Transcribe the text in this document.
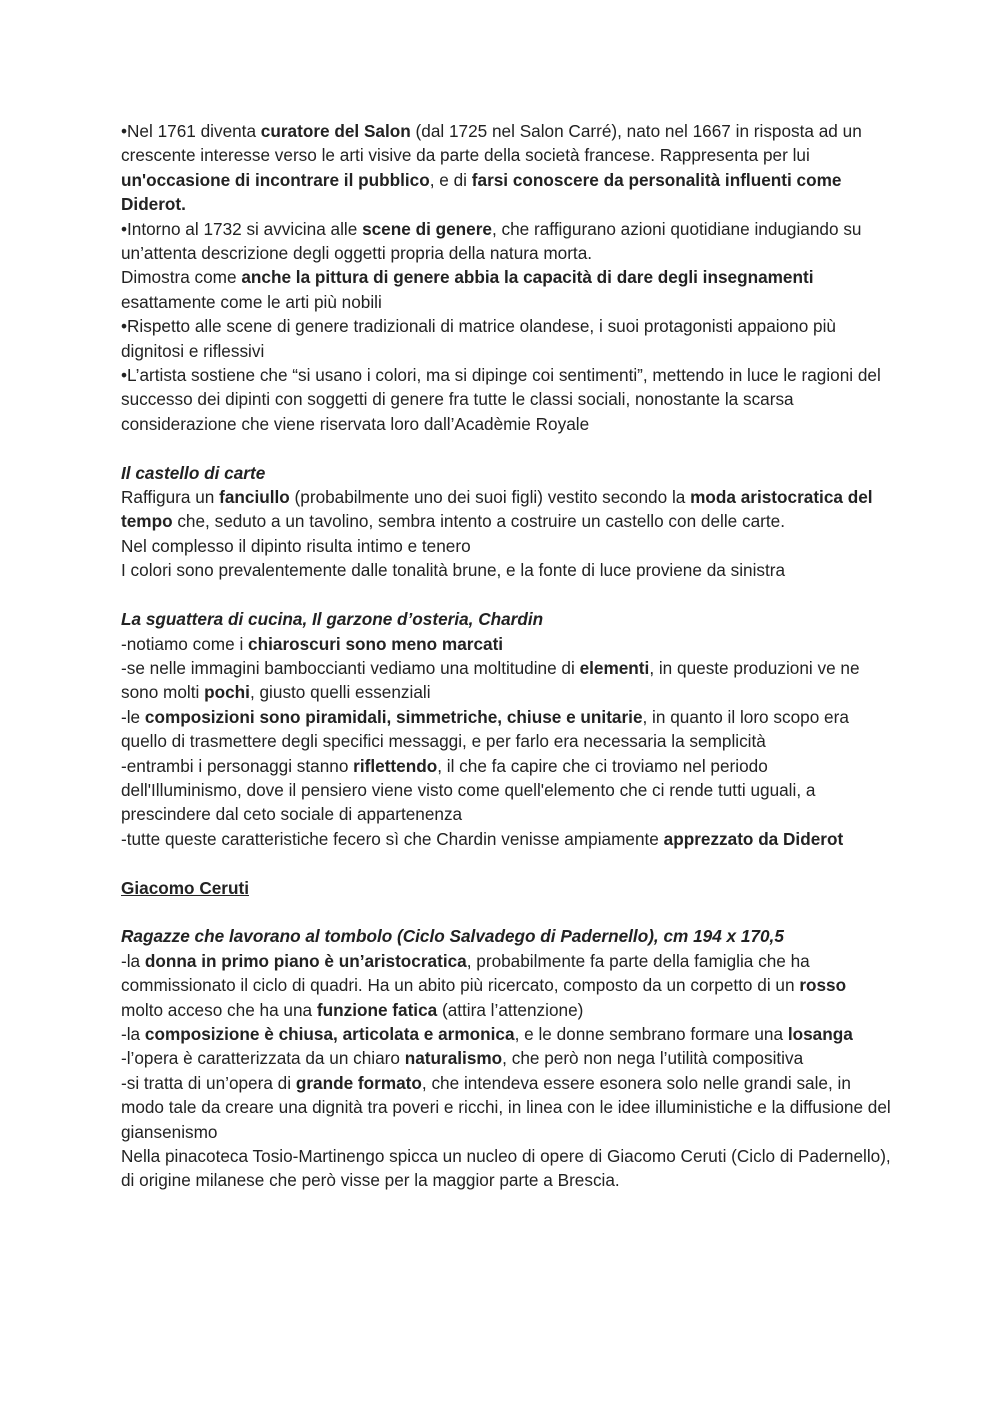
•Nel 1761 diventa curatore del Salon (dal 1725 nel Salon Carré), nato nel 1667 in risposta ad un crescente interesse verso le arti visive da parte della società francese. Rappresenta per lui un'occasione di incontrare il pubblico, e di farsi conoscere da personalità influenti come Diderot.

•Intorno al 1732 si avvicina alle scene di genere, che raffigurano azioni quotidiane indugiando su un’attenta descrizione degli oggetti propria della natura morta.

Dimostra come anche la pittura di genere abbia la capacità di dare degli insegnamenti esattamente come le arti più nobili

•Rispetto alle scene di genere tradizionali di matrice olandese, i suoi protagonisti appaiono più dignitosi e riflessivi

•L’artista sostiene che “si usano i colori, ma si dipinge coi sentimenti”, mettendo in luce le ragioni del successo dei dipinti con soggetti di genere fra tutte le classi sociali, nonostante la scarsa considerazione che viene riservata loro dall’Acadèmie Royale

Il castello di carte

Raffigura un fanciullo (probabilmente uno dei suoi figli) vestito secondo la moda aristocratica del tempo che, seduto a un tavolino, sembra intento a costruire un castello con delle carte.

Nel complesso il dipinto risulta intimo e tenero

I colori sono prevalentemente dalle tonalità brune, e la fonte di luce proviene da sinistra

La sguattera di cucina, Il garzone d’osteria, Chardin

-notiamo come i chiaroscuri sono meno marcati

-se nelle immagini bamboccianti vediamo una moltitudine di elementi, in queste produzioni ve ne sono molti pochi, giusto quelli essenziali

-le composizioni sono piramidali, simmetriche, chiuse e unitarie, in quanto il loro scopo era quello di trasmettere degli specifici messaggi, e per farlo era necessaria la semplicità

-entrambi i personaggi stanno riflettendo, il che fa capire che ci troviamo nel periodo dell'Illuminismo, dove il pensiero viene visto come quell'elemento che ci rende tutti uguali, a prescindere dal ceto sociale di appartenenza

-tutte queste caratteristiche fecero sì che Chardin venisse ampiamente apprezzato da Diderot

Giacomo Ceruti

Ragazze che lavorano al tombolo (Ciclo Salvadego di Padernello), cm 194 x 170,5

-la donna in primo piano è un’aristocratica, probabilmente fa parte della famiglia che ha commissionato il ciclo di quadri. Ha un abito più ricercato, composto da un corpetto di un rosso molto acceso che ha una funzione fatica (attira l’attenzione)

-la composizione è chiusa, articolata e armonica, e le donne sembrano formare una losanga

-l’opera è caratterizzata da un chiaro naturalismo, che però non nega l’utilità compositiva

-si tratta di un’opera di grande formato, che intendeva essere esonera solo nelle grandi sale, in modo tale da creare una dignità tra poveri e ricchi, in linea con le idee illuministiche e la diffusione del giansenismo

Nella pinacoteca Tosio-Martinengo spicca un nucleo di opere di Giacomo Ceruti (Ciclo di Padernello), di origine milanese che però visse per la maggior parte a Brescia.
